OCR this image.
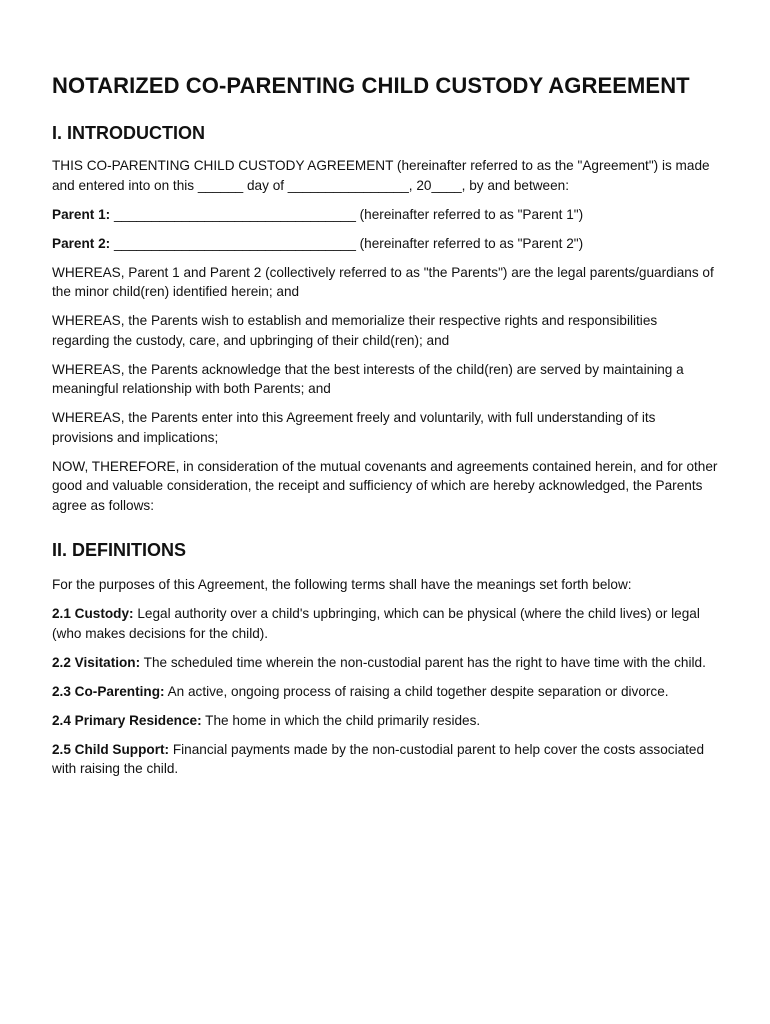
NOTARIZED CO-PARENTING CHILD CUSTODY AGREEMENT
I. INTRODUCTION

THIS CO-PARENTING CHILD CUSTODY AGREEMENT (hereinafter referred to as the "Agreement") is made and entered into on this ______ day of ________________, 20____, by and between:

Parent 1: ________________________________ (hereinafter referred to as "Parent 1")

Parent 2: ________________________________ (hereinafter referred to as "Parent 2")

WHEREAS, Parent 1 and Parent 2 (collectively referred to as "the Parents") are the legal parents/guardians of the minor child(ren) identified herein; and

WHEREAS, the Parents wish to establish and memorialize their respective rights and responsibilities regarding the custody, care, and upbringing of their child(ren); and

WHEREAS, the Parents acknowledge that the best interests of the child(ren) are served by maintaining a meaningful relationship with both Parents; and

WHEREAS, the Parents enter into this Agreement freely and voluntarily, with full understanding of its provisions and implications;

NOW, THEREFORE, in consideration of the mutual covenants and agreements contained herein, and for other good and valuable consideration, the receipt and sufficiency of which are hereby acknowledged, the Parents agree as follows:

II. DEFINITIONS

For the purposes of this Agreement, the following terms shall have the meanings set forth below:

2.1 Custody: Legal authority over a child's upbringing, which can be physical (where the child lives) or legal (who makes decisions for the child).

2.2 Visitation: The scheduled time wherein the non-custodial parent has the right to have time with the child.

2.3 Co-Parenting: An active, ongoing process of raising a child together despite separation or divorce.

2.4 Primary Residence: The home in which the child primarily resides.

2.5 Child Support: Financial payments made by the non-custodial parent to help cover the costs associated with raising the child.
